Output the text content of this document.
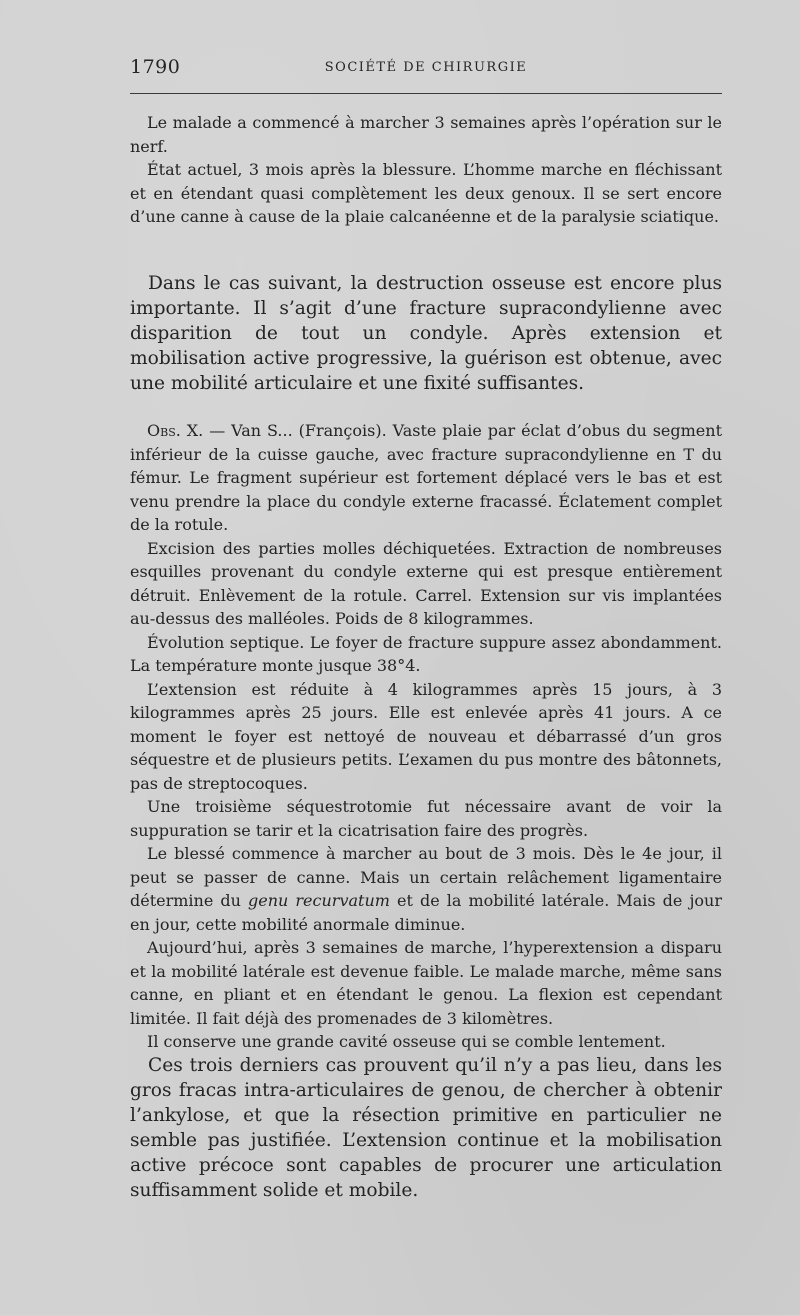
1790	SOCIÉTÉ DE CHIRURGIE

Le malade a commencé à marcher 3 semaines après l’opération sur le nerf.

État actuel, 3 mois après la blessure. L’homme marche en fléchissant et en étendant quasi complètement les deux genoux. Il se sert encore d’une canne à cause de la plaie calcanéenne et de la paralysie sciatique.

Dans le cas suivant, la destruction osseuse est encore plus importante. Il s’agit d’une fracture supracondylienne avec disparition de tout un condyle. Après extension et mobilisation active progressive, la guérison est obtenue, avec une mobilité articulaire et une fixité suffisantes.

Obs. X. — Van S... (François). Vaste plaie par éclat d’obus du segment inférieur de la cuisse gauche, avec fracture supracondylienne en T du fémur. Le fragment supérieur est fortement déplacé vers le bas et est venu prendre la place du condyle externe fracassé. Éclatement complet de la rotule.

Excision des parties molles déchiquetées. Extraction de nombreuses esquilles provenant du condyle externe qui est presque entièrement détruit. Enlèvement de la rotule. Carrel. Extension sur vis implantées au-dessus des malléoles. Poids de 8 kilogrammes.

Évolution septique. Le foyer de fracture suppure assez abondamment. La température monte jusque 38°4.

L’extension est réduite à 4 kilogrammes après 15 jours, à 3 kilogrammes après 25 jours. Elle est enlevée après 41 jours. A ce moment le foyer est nettoyé de nouveau et débarrassé d’un gros séquestre et de plusieurs petits. L’examen du pus montre des bâtonnets, pas de streptocoques.

Une troisième séquestrotomie fut nécessaire avant de voir la suppuration se tarir et la cicatrisation faire des progrès.

Le blessé commence à marcher au bout de 3 mois. Dès le 4e jour, il peut se passer de canne. Mais un certain relâchement ligamentaire détermine du genu recurvatum et de la mobilité latérale. Mais de jour en jour, cette mobilité anormale diminue.

Aujourd’hui, après 3 semaines de marche, l’hyperextension a disparu et la mobilité latérale est devenue faible. Le malade marche, même sans canne, en pliant et en étendant le genou. La flexion est cependant limitée. Il fait déjà des promenades de 3 kilomètres.

Il conserve une grande cavité osseuse qui se comble lentement.

Ces trois derniers cas prouvent qu’il n’y a pas lieu, dans les gros fracas intra-articulaires de genou, de chercher à obtenir l’ankylose, et que la résection primitive en particulier ne semble pas justifiée. L’extension continue et la mobilisation active précoce sont capables de procurer une articulation suffisamment solide et mobile.
